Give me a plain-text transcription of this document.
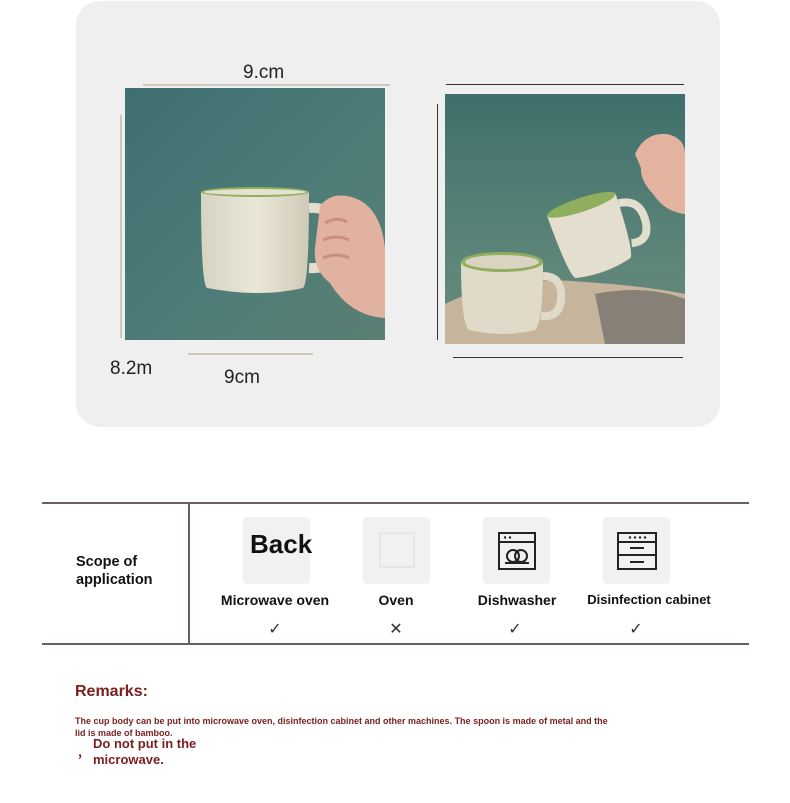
9.cm
8.2m	9cm
Scope of
application
Back
Microwave oven
✓
Oven
✕
Dishwasher
✓
Disinfection cabinet
✓
Remarks:
The cup body can be put into microwave oven, disinfection cabinet and other machines. The spoon is made of metal and the lid is made of bamboo.
，
Do not put in the microwave.
